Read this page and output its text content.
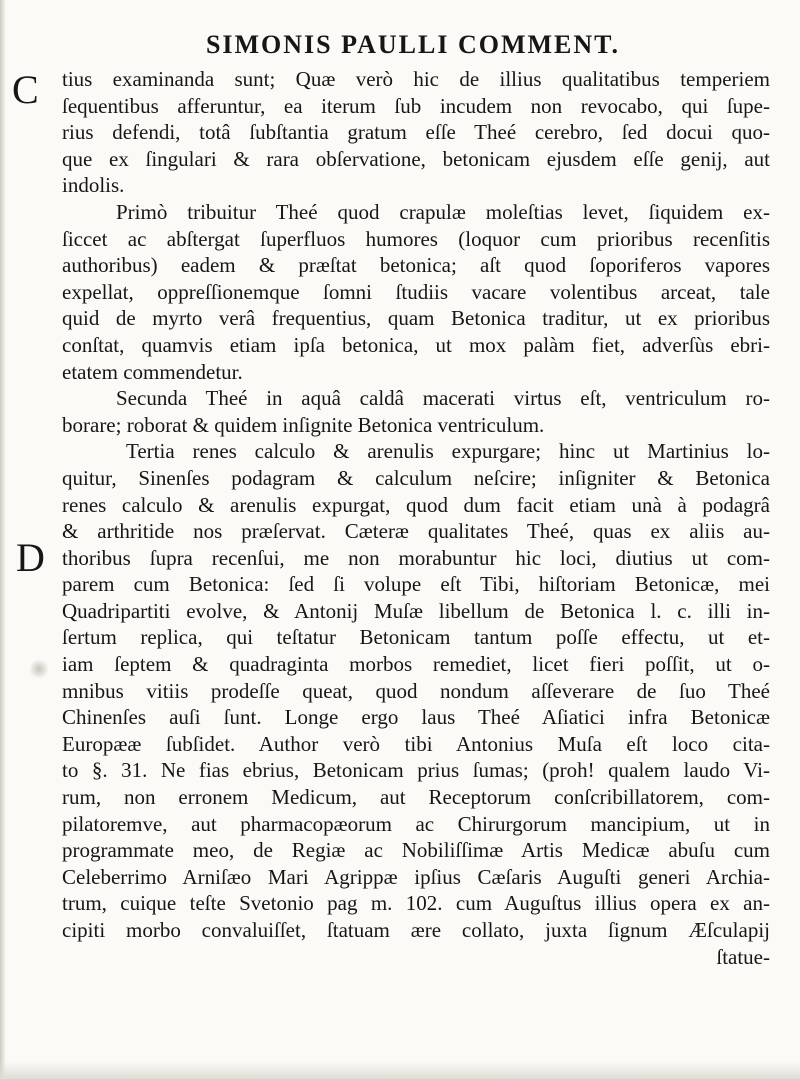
SIMONIS PAULLI COMMENT.
C
D
tius examinanda sunt; Quæ verò hic de illius qualitatibus temperiem
ſequentibus afferuntur, ea iterum ſub incudem non revocabo, qui ſupe-
rius defendi, totâ ſubſtantia gratum eſſe Theé cerebro, ſed docui quo-
que ex ſingulari & rara obſervatione, betonicam ejusdem eſſe genij, aut
indolis.
Primò tribuitur Theé quod crapulæ moleſtias levet, ſiquidem ex-
ſiccet ac abſtergat ſuperfluos humores (loquor cum prioribus recenſitis
authoribus) eadem & præſtat betonica; aſt quod ſoporiferos vapores
expellat, oppreſſionemque ſomni ſtudiis vacare volentibus arceat, tale
quid de myrto verâ frequentius, quam Betonica traditur, ut ex prioribus
conſtat, quamvis etiam ipſa betonica, ut mox palàm fiet, adverſùs ebri-
etatem commendetur.
Secunda Theé in aquâ caldâ macerati virtus eſt, ventriculum ro-
borare; roborat & quidem inſignite Betonica ventriculum.
Tertia renes calculo & arenulis expurgare; hinc ut Martinius lo-
quitur, Sinenſes podagram & calculum neſcire; inſigniter & Betonica
renes calculo & arenulis expurgat, quod dum facit etiam unà à podagrâ
& arthritide nos præſervat. Cæteræ qualitates Theé, quas ex aliis au-
thoribus ſupra recenſui, me non morabuntur hic loci, diutius ut com-
parem cum Betonica: ſed ſi volupe eſt Tibi, hiſtoriam Betonicæ, mei
Quadripartiti evolve, & Antonij Muſæ libellum de Betonica l. c. illi in-
ſertum replica, qui teſtatur Betonicam tantum poſſe effectu, ut et-
iam ſeptem & quadraginta morbos remediet, licet fieri poſſit, ut o-
mnibus vitiis prodeſſe queat, quod nondum aſſeverare de ſuo Theé
Chinenſes auſi ſunt. Longe ergo laus Theé Aſiatici infra Betonicæ
Europææ ſubſidet. Author verò tibi Antonius Muſa eſt loco cita-
to §. 31. Ne fias ebrius, Betonicam prius ſumas; (proh! qualem laudo Vi-
rum, non erronem Medicum, aut Receptorum conſcribillatorem, com-
pilatoremve, aut pharmacopæorum ac Chirurgorum mancipium, ut in
programmate meo, de Regiæ ac Nobiliſſimæ Artis Medicæ abuſu cum
Celeberrimo Arniſæo Mari Agrippæ ipſius Cæſaris Auguſti generi Archia-
trum, cuique teſte Svetonio pag m. 102. cum Auguſtus illius opera ex an-
cipiti morbo convaluiſſet, ſtatuam ære collato, juxta ſignum Æſculapij
ſtatue-
